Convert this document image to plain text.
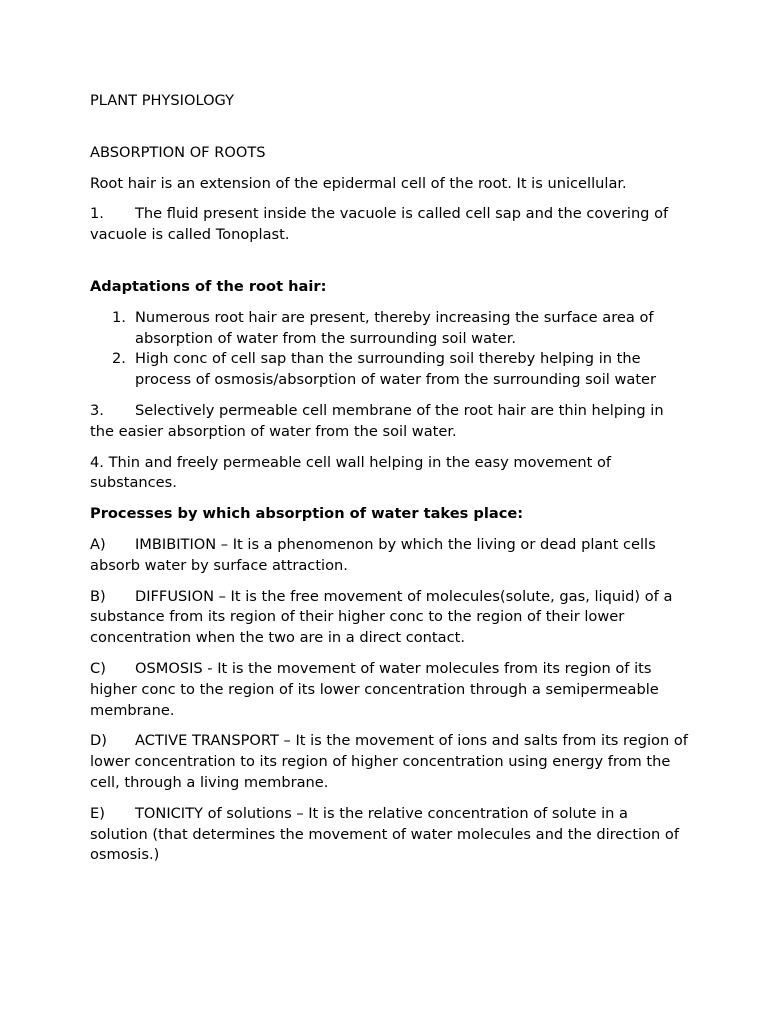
PLANT PHYSIOLOGY

ABSORPTION OF ROOTS

Root hair is an extension of the epidermal cell of the root. It is unicellular.

1. The fluid present inside the vacuole is called cell sap and the covering of vacuole is called Tonoplast.

Adaptations of the root hair:

1. Numerous root hair are present, thereby increasing the surface area of absorption of water from the surrounding soil water.
2. High conc of cell sap than the surrounding soil thereby helping in the process of osmosis/absorption of water from the surrounding soil water

3. Selectively permeable cell membrane of the root hair are thin helping in the easier absorption of water from the soil water.

4. Thin and freely permeable cell wall helping in the easy movement of substances.

Processes by which absorption of water takes place:

A) IMBIBITION – It is a phenomenon by which the living or dead plant cells absorb water by surface attraction.

B) DIFFUSION – It is the free movement of molecules(solute, gas, liquid) of a substance from its region of their higher conc to the region of their lower concentration when the two are in a direct contact.

C) OSMOSIS - It is the movement of water molecules from its region of its higher conc to the region of its lower concentration through a semipermeable membrane.

D) ACTIVE TRANSPORT – It is the movement of ions and salts from its region of lower concentration to its region of higher concentration using energy from the cell, through a living membrane.

E) TONICITY of solutions – It is the relative concentration of solute in a solution (that determines the movement of water molecules and the direction of osmosis.)
